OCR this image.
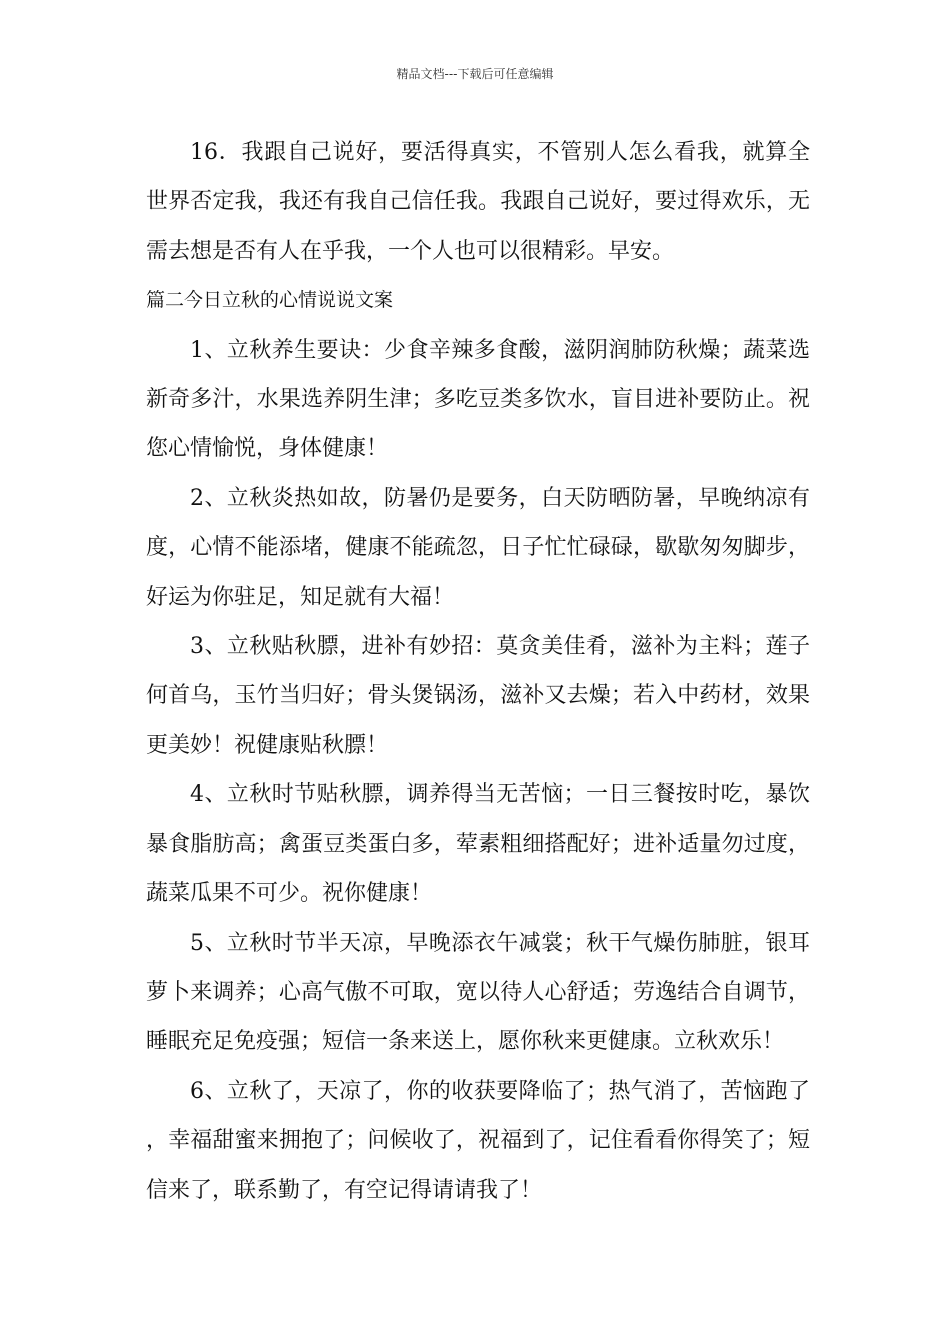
精品文档---下载后可任意编辑

16．我跟自己说好，要活得真实，不管别人怎么看我，就算全世界否定我，我还有我自己信任我。我跟自己说好，要过得欢乐，无需去想是否有人在乎我，一个人也可以很精彩。早安。

篇二今日立秋的心情说说文案

1、立秋养生要诀：少食辛辣多食酸，滋阴润肺防秋燥；蔬菜选新奇多汁，水果选养阴生津；多吃豆类多饮水，盲目进补要防止。祝您心情愉悦，身体健康！

2、立秋炎热如故，防暑仍是要务，白天防晒防暑，早晚纳凉有度，心情不能添堵，健康不能疏忽，日子忙忙碌碌，歇歇匆匆脚步，好运为你驻足，知足就有大福！

3、立秋贴秋膘，进补有妙招：莫贪美佳肴，滋补为主料；莲子何首乌，玉竹当归好；骨头煲锅汤，滋补又去燥；若入中药材，效果更美妙！祝健康贴秋膘！

4、立秋时节贴秋膘，调养得当无苦恼；一日三餐按时吃，暴饮暴食脂肪高；禽蛋豆类蛋白多，荤素粗细搭配好；进补适量勿过度，蔬菜瓜果不可少。祝你健康！

5、立秋时节半天凉，早晚添衣午减裳；秋干气燥伤肺脏，银耳萝卜来调养；心高气傲不可取，宽以待人心舒适；劳逸结合自调节，睡眠充足免疫强；短信一条来送上，愿你秋来更健康。立秋欢乐！

6、立秋了，天凉了，你的收获要降临了；热气消了，苦恼跑了，幸福甜蜜来拥抱了；问候收了，祝福到了，记住看看你得笑了；短信来了，联系勤了，有空记得请请我了！
